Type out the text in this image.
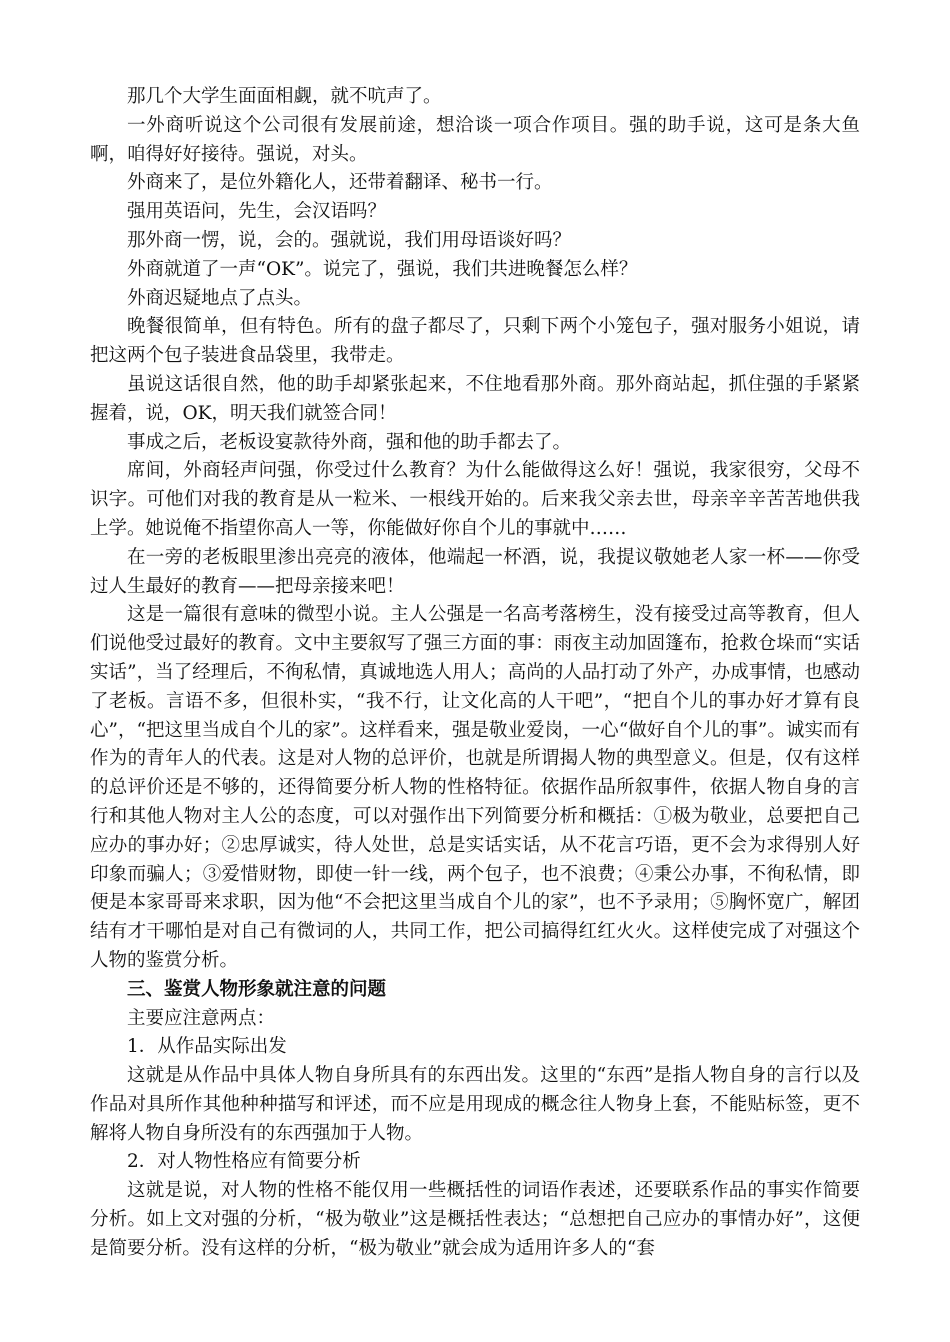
那几个大学生面面相觑，就不吭声了。

一外商听说这个公司很有发展前途，想洽谈一项合作项目。强的助手说，这可是条大鱼啊，咱得好好接待。强说，对头。

外商来了，是位外籍化人，还带着翻译、秘书一行。

强用英语问，先生，会汉语吗？

那外商一愣，说，会的。强就说，我们用母语谈好吗？

外商就道了一声“OK”。说完了，强说，我们共进晚餐怎么样？

外商迟疑地点了点头。

晚餐很简单，但有特色。所有的盘子都尽了，只剩下两个小笼包子，强对服务小姐说，请把这两个包子装进食品袋里，我带走。

虽说这话很自然，他的助手却紧张起来，不住地看那外商。那外商站起，抓住强的手紧紧握着，说，OK，明天我们就签合同！

事成之后，老板设宴款待外商，强和他的助手都去了。

席间，外商轻声问强，你受过什么教育？为什么能做得这么好！强说，我家很穷，父母不识字。可他们对我的教育是从一粒米、一根线开始的。后来我父亲去世，母亲辛辛苦苦地供我上学。她说俺不指望你高人一等，你能做好你自个儿的事就中……

在一旁的老板眼里渗出亮亮的液体，他端起一杯酒，说，我提议敬她老人家一杯——你受过人生最好的教育——把母亲接来吧！

这是一篇很有意味的微型小说。主人公强是一名高考落榜生，没有接受过高等教育，但人们说他受过最好的教育。文中主要叙写了强三方面的事：雨夜主动加固篷布，抢救仓垛而“实话实话”，当了经理后，不徇私情，真诚地选人用人；高尚的人品打动了外产，办成事情，也感动了老板。言语不多，但很朴实，“我不行，让文化高的人干吧”，“把自个儿的事办好才算有良心”，“把这里当成自个儿的家”。这样看来，强是敬业爱岗，一心“做好自个儿的事”。诚实而有作为的青年人的代表。这是对人物的总评价，也就是所谓揭人物的典型意义。但是，仅有这样的总评价还是不够的，还得简要分析人物的性格特征。依据作品所叙事件，依据人物自身的言行和其他人物对主人公的态度，可以对强作出下列简要分析和概括：①极为敬业，总要把自己应办的事办好；②忠厚诚实，待人处世，总是实话实话，从不花言巧语，更不会为求得别人好印象而骗人；③爱惜财物，即使一针一线，两个包子，也不浪费；④秉公办事，不徇私情，即便是本家哥哥来求职，因为他“不会把这里当成自个儿的家”，也不予录用；⑤胸怀宽广，解团结有才干哪怕是对自己有微词的人，共同工作，把公司搞得红红火火。这样使完成了对强这个人物的鉴赏分析。

三、鉴赏人物形象就注意的问题

主要应注意两点：

1．从作品实际出发

这就是从作品中具体人物自身所具有的东西出发。这里的“东西”是指人物自身的言行以及作品对具所作其他种种描写和评述，而不应是用现成的概念往人物身上套，不能贴标签，更不解将人物自身所没有的东西强加于人物。

2．对人物性格应有简要分析

这就是说，对人物的性格不能仅用一些概括性的词语作表述，还要联系作品的事实作简要分析。如上文对强的分析，“极为敬业”这是概括性表达；“总想把自己应办的事情办好”，这便是简要分析。没有这样的分析，“极为敬业”就会成为适用许多人的“套
